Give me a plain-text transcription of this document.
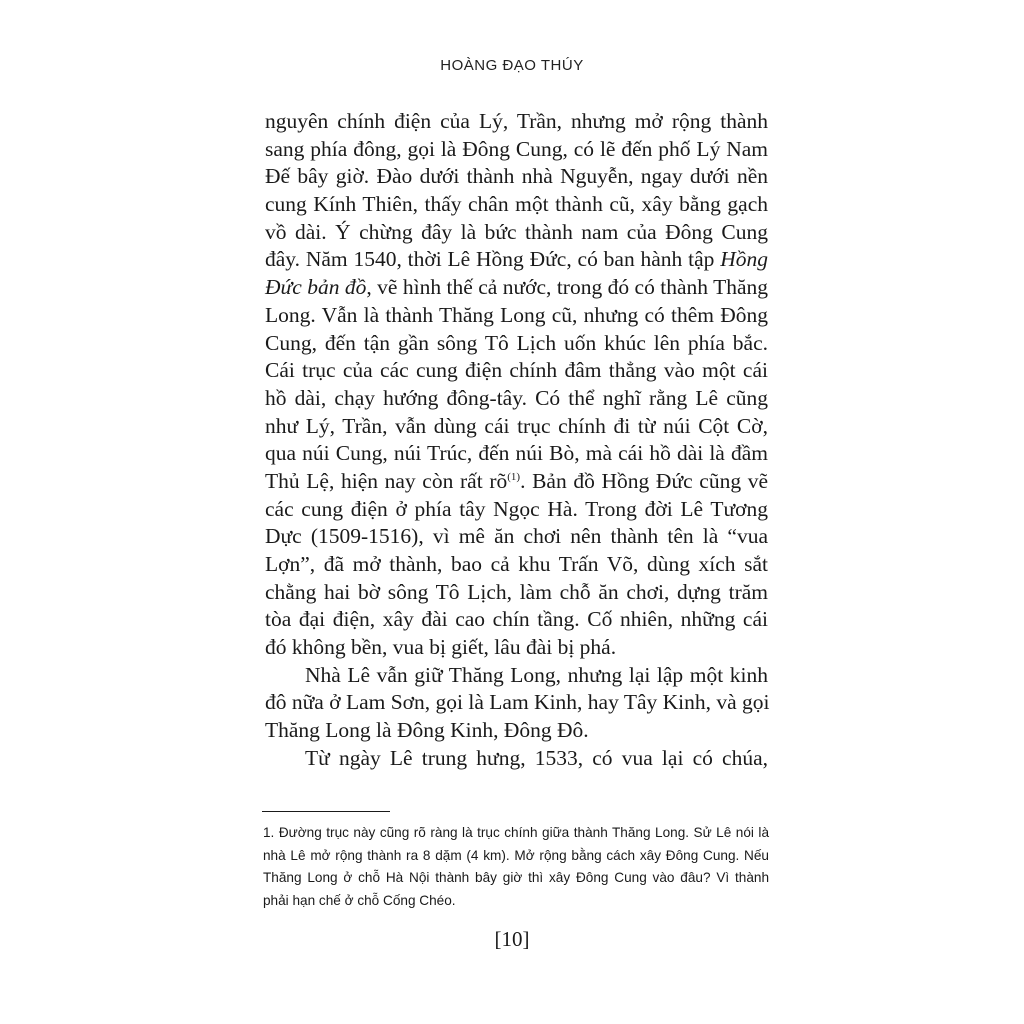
HOÀNG ĐẠO THÚY
nguyên chính điện của Lý, Trần, nhưng mở rộng thành
sang phía đông, gọi là Đông Cung, có lẽ đến phố Lý Nam
Đế bây giờ. Đào dưới thành nhà Nguyễn, ngay dưới nền
cung Kính Thiên, thấy chân một thành cũ, xây bằng gạch
vồ dài. Ý chừng đây là bức thành nam của Đông Cung
đây. Năm 1540, thời Lê Hồng Đức, có ban hành tập Hồng
Đức bản đồ, vẽ hình thế cả nước, trong đó có thành Thăng
Long. Vẫn là thành Thăng Long cũ, nhưng có thêm Đông
Cung, đến tận gần sông Tô Lịch uốn khúc lên phía bắc.
Cái trục của các cung điện chính đâm thẳng vào một cái
hồ dài, chạy hướng đông-tây. Có thể nghĩ rằng Lê cũng
như Lý, Trần, vẫn dùng cái trục chính đi từ núi Cột Cờ,
qua núi Cung, núi Trúc, đến núi Bò, mà cái hồ dài là đầm
Thủ Lệ, hiện nay còn rất $rõ^{(1)}$. Bản đồ Hồng Đức cũng vẽ
các cung điện ở phía tây Ngọc Hà. Trong đời Lê Tương
Dực (1509-1516), vì mê ăn chơi nên thành tên là “vua
Lợn”, đã mở thành, bao cả khu Trấn Võ, dùng xích sắt
chằng hai bờ sông Tô Lịch, làm chỗ ăn chơi, dựng trăm
tòa đại điện, xây đài cao chín tầng. Cố nhiên, những cái
đó không bền, vua bị giết, lâu đài bị phá.
Nhà Lê vẫn giữ Thăng Long, nhưng lại lập một kinh
đô nữa ở Lam Sơn, gọi là Lam Kinh, hay Tây Kinh, và gọi
Thăng Long là Đông Kinh, Đông Đô.
Từ ngày Lê trung hưng, 1533, có vua lại có chúa,
1. Đường trục này cũng rõ ràng là trục chính giữa thành Thăng Long. Sử Lê nói là
nhà Lê mở rộng thành ra 8 dặm (4 km). Mở rộng bằng cách xây Đông Cung. Nếu
Thăng Long ở chỗ Hà Nội thành bây giờ thì xây Đông Cung vào đâu? Vì thành
phải hạn chế ở chỗ Cống Chéo.
[10]
